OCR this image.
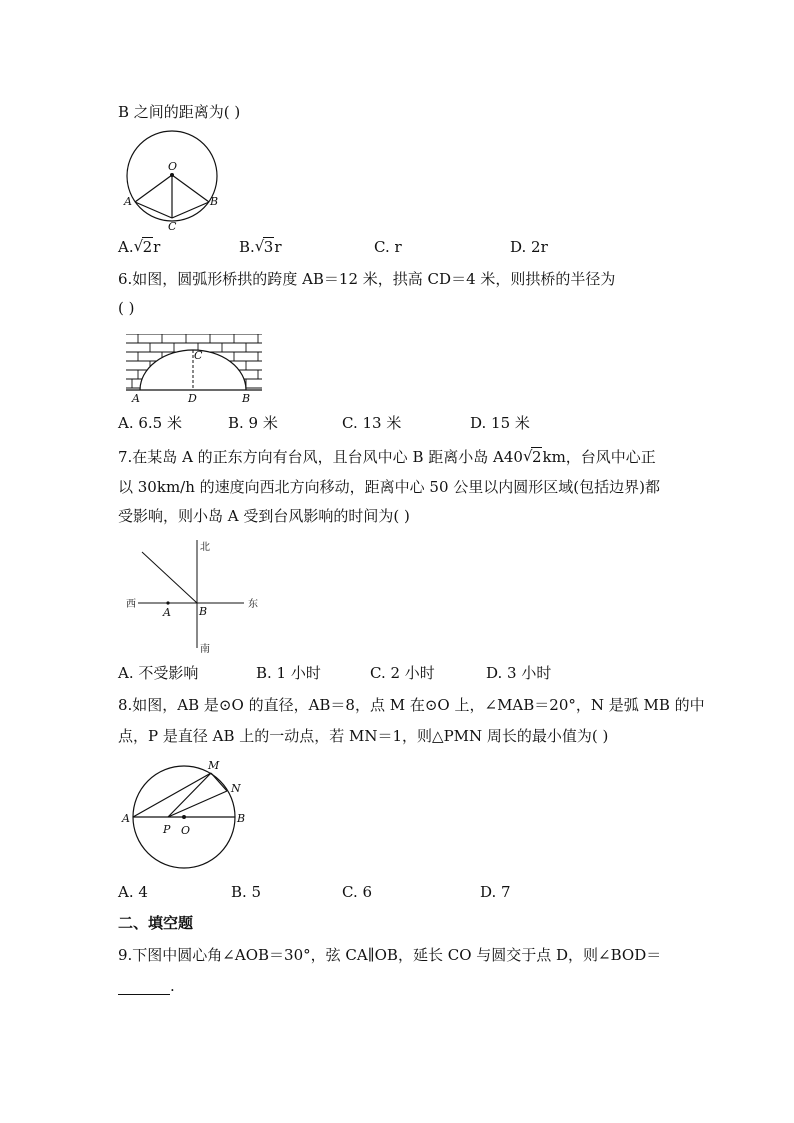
B 之间的距离为( )
O
A	B
C
A. √ 2r	B. √ 3r	C. r	D. 2r
6.如图，圆弧形桥拱的跨度 AB＝12 米，拱高 CD＝4 米，则拱桥的半径为
( )
C
A	D	B
A. 6.5 米	B. 9 米	C. 13 米	D. 15 米
7.在某岛 A 的正东方向有台风，且台风中心 B 距离小岛 A40 √ 2km，台风中心正
以 30km/h 的速度向西北方向移动，距离中心 50 公里以内圆形区域(包括边界)都
受影响，则小岛 A 受到台风影响的时间为( )
北
南
西	东
A	B
A. 不受影响	B. 1 小时	C. 2 小时	D. 3 小时
8.如图，AB 是⊙O 的直径，AB＝8，点 M 在⊙O 上，∠MAB＝20°，N 是弧 MB 的中
点，P 是直径 AB 上的一动点，若 MN＝1，则△PMN 周长的最小值为( )
A	B
M
N
P O
A. 4	B. 5	C. 6	D. 7
二、填空题
9.下图中圆心角∠AOB＝30°，弦 CA∥OB，延长 CO 与圆交于点 D，则∠BOD＝
.
